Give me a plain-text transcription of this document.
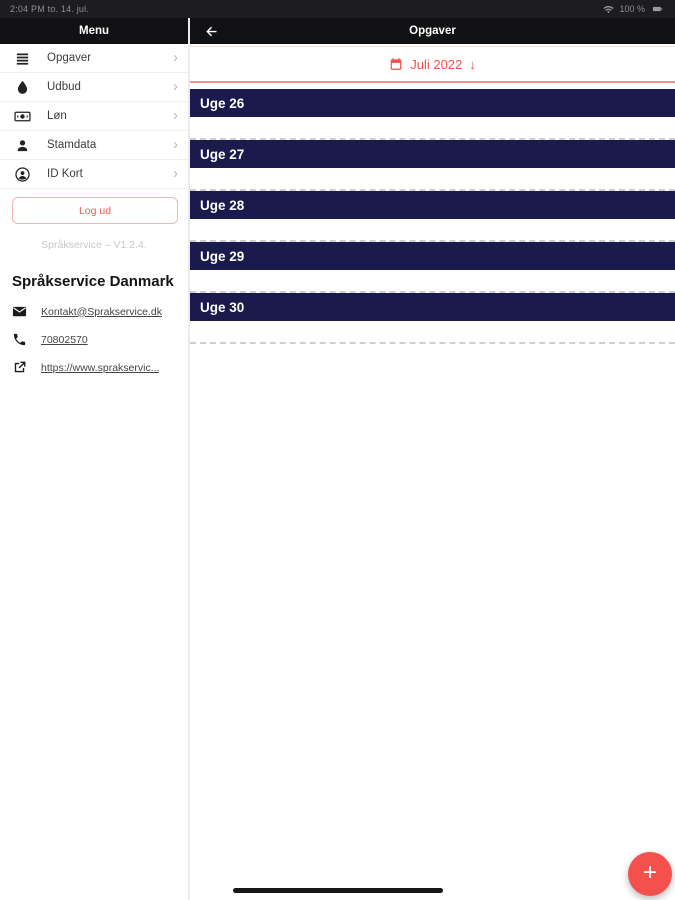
2:04 PM to. 14. jul.	100 %
Menu
Opgaver	›
Udbud	›
Løn	›
Stamdata	›
ID Kort	›
Log ud
Språkservice – V1.2.4.
Språkservice Danmark
Kontakt@Sprakservice.dk
70802570
https://www.sprakservic...
Opgaver
Juli 2022 ↓
Uge 26
Uge 27
Uge 28
Uge 29
Uge 30
+
